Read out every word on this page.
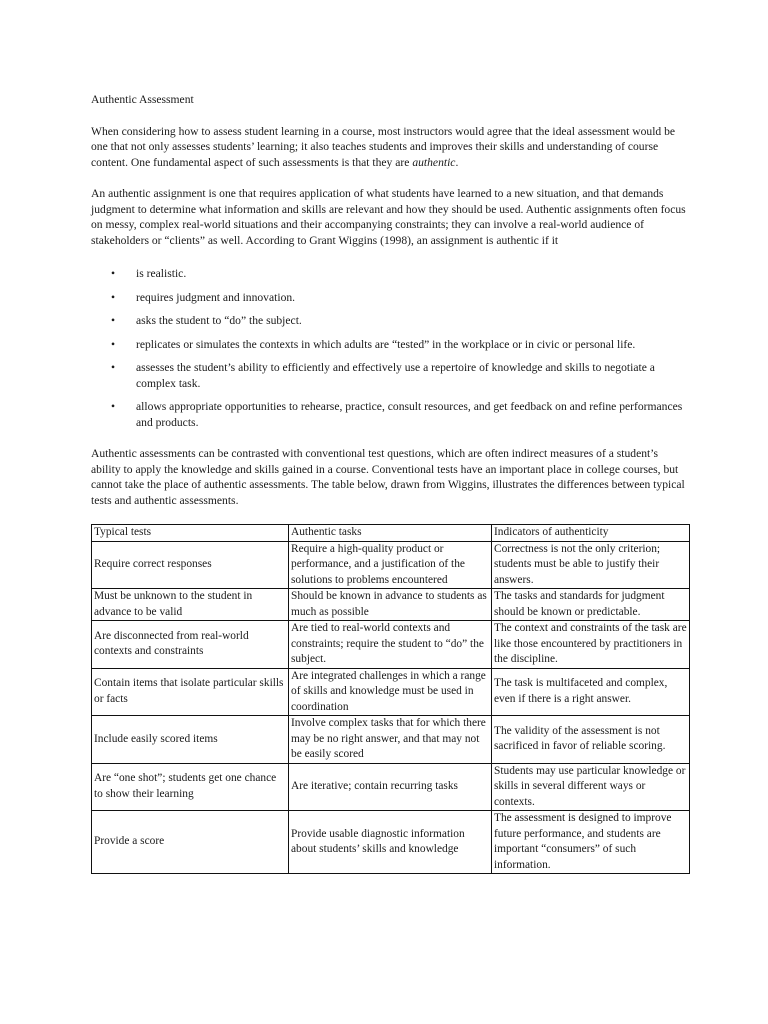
Authentic Assessment

When considering how to assess student learning in a course, most instructors would agree that the ideal assessment would be one that not only assesses students’ learning; it also teaches students and improves their skills and understanding of course content. One fundamental aspect of such assessments is that they are authentic.

An authentic assignment is one that requires application of what students have learned to a new situation, and that demands judgment to determine what information and skills are relevant and how they should be used. Authentic assignments often focus on messy, complex real-world situations and their accompanying constraints; they can involve a real-world audience of stakeholders or “clients” as well. According to Grant Wiggins (1998), an assignment is authentic if it

• is realistic.
• requires judgment and innovation.
• asks the student to “do” the subject.
• replicates or simulates the contexts in which adults are “tested” in the workplace or in civic or personal life.
• assesses the student’s ability to efficiently and effectively use a repertoire of knowledge and skills to negotiate a complex task.
• allows appropriate opportunities to rehearse, practice, consult resources, and get feedback on and refine performances and products.

Authentic assessments can be contrasted with conventional test questions, which are often indirect measures of a student’s ability to apply the knowledge and skills gained in a course. Conventional tests have an important place in college courses, but cannot take the place of authentic assessments. The table below, drawn from Wiggins, illustrates the differences between typical tests and authentic assessments.

Typical tests	Authentic tasks	Indicators of authenticity
Require correct responses	Require a high-quality product or performance, and a justification of the solutions to problems encountered	Correctness is not the only criterion; students must be able to justify their answers.
Must be unknown to the student in advance to be valid	Should be known in advance to students as much as possible	The tasks and standards for judgment should be known or predictable.
Are disconnected from real-world contexts and constraints	Are tied to real-world contexts and constraints; require the student to “do” the subject.	The context and constraints of the task are like those encountered by practitioners in the discipline.
Contain items that isolate particular skills or facts	Are integrated challenges in which a range of skills and knowledge must be used in coordination	The task is multifaceted and complex, even if there is a right answer.
Include easily scored items	Involve complex tasks that for which there may be no right answer, and that may not be easily scored	The validity of the assessment is not sacrificed in favor of reliable scoring.
Are “one shot”; students get one chance to show their learning	Are iterative; contain recurring tasks	Students may use particular knowledge or skills in several different ways or contexts.
Provide a score	Provide usable diagnostic information about students’ skills and knowledge	The assessment is designed to improve future performance, and students are important “consumers” of such information.
